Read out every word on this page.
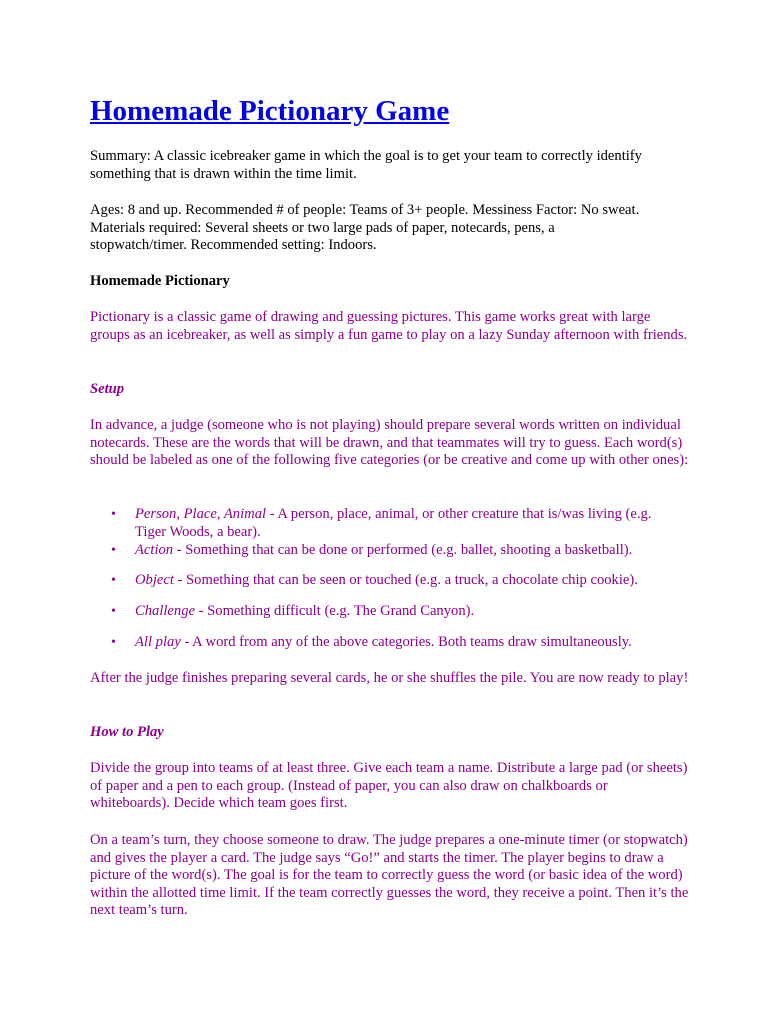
Homemade Pictionary Game

Summary: A classic icebreaker game in which the goal is to get your team to correctly identify something that is drawn within the time limit.

Ages: 8 and up. Recommended # of people: Teams of 3+ people. Messiness Factor: No sweat.
Materials required: Several sheets or two large pads of paper, notecards, pens, a
stopwatch/timer. Recommended setting: Indoors.
Homemade Pictionary

Pictionary is a classic game of drawing and guessing pictures. This game works great with large groups as an icebreaker, as well as simply a fun game to play on a lazy Sunday afternoon with friends.

Setup

In advance, a judge (someone who is not playing) should prepare several words written on individual notecards. These are the words that will be drawn, and that teammates will try to guess. Each word(s) should be labeled as one of the following five categories (or be creative and come up with other ones):

• Person, Place, Animal - A person, place, animal, or other creature that is/was living (e.g. Tiger Woods, a bear).
• Action - Something that can be done or performed (e.g. ballet, shooting a basketball).
• Object - Something that can be seen or touched (e.g. a truck, a chocolate chip cookie).
• Challenge - Something difficult (e.g. The Grand Canyon).
• All play - A word from any of the above categories. Both teams draw simultaneously.

After the judge finishes preparing several cards, he or she shuffles the pile. You are now ready to play!

How to Play

Divide the group into teams of at least three. Give each team a name. Distribute a large pad (or sheets) of paper and a pen to each group. (Instead of paper, you can also draw on chalkboards or whiteboards). Decide which team goes first.

On a team’s turn, they choose someone to draw. The judge prepares a one-minute timer (or stopwatch) and gives the player a card. The judge says “Go!” and starts the timer. The player begins to draw a picture of the word(s). The goal is for the team to correctly guess the word (or basic idea of the word) within the allotted time limit. If the team correctly guesses the word, they receive a point. Then it’s the next team’s turn.
